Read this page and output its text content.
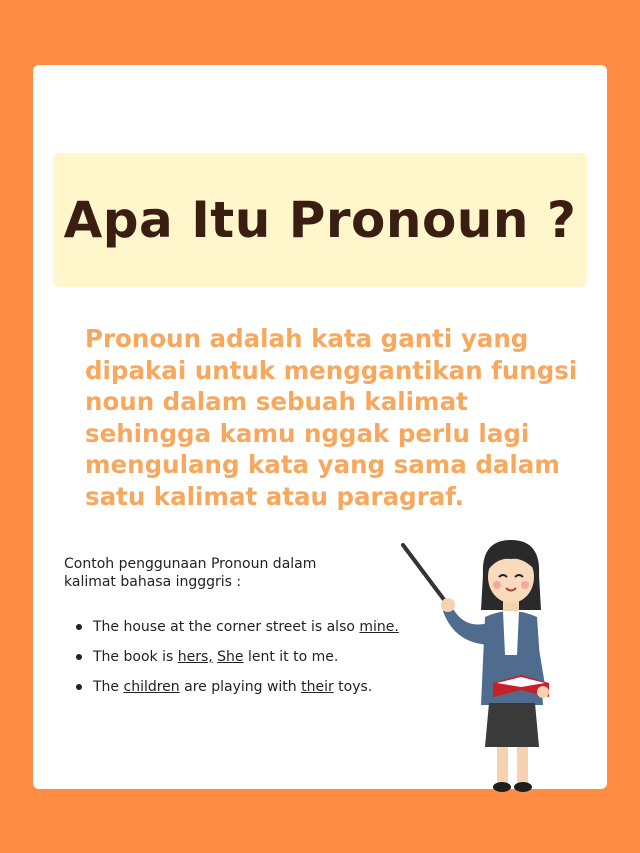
Apa Itu Pronoun ?
Pronoun adalah kata ganti yang
dipakai untuk menggantikan fungsi
noun dalam sebuah kalimat
sehingga kamu nggak perlu lagi
mengulang kata yang sama dalam
satu kalimat atau paragraf.
Contoh penggunaan Pronoun dalam
kalimat bahasa ingggris :
The house at the corner street is also mine.
The book is hers, She lent it to me.
The children are playing with their toys.
